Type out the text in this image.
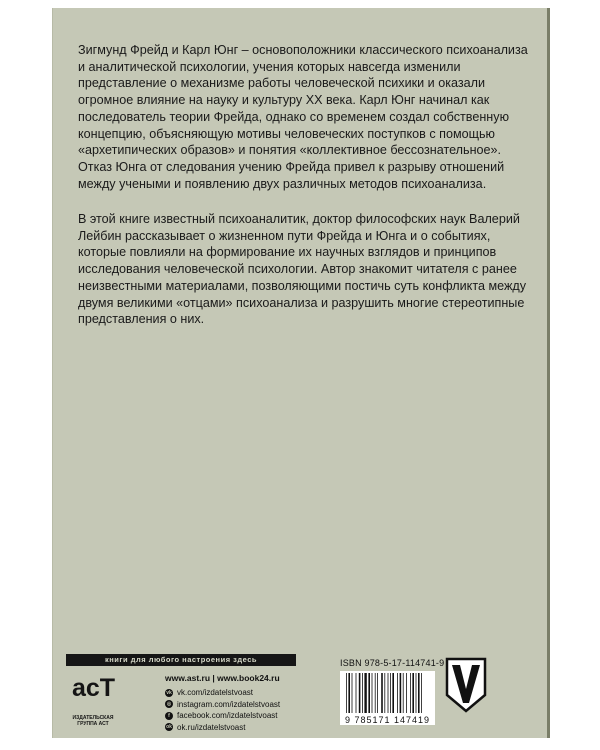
Зигмунд Фрейд и Карл Юнг – основоположники классического психоанализа и аналитической психологии, учения которых навсегда изменили представление о механизме работы человеческой психики и оказали огромное влияние на науку и культуру XX века. Карл Юнг начинал как последователь теории Фрейда, однако со временем создал собственную концепцию, объясняющую мотивы человеческих поступков с помощью «архетипических образов» и понятия «коллективное бессознательное». Отказ Юнга от следования учению Фрейда привел к разрыву отношений между учеными и появлению двух различных методов психоанализа.

В этой книге известный психоаналитик, доктор философских наук Валерий Лейбин рассказывает о жизненном пути Фрейда и Юнга и о событиях, которые повлияли на формирование их научных взглядов и принципов исследования человеческой психологии. Автор знакомит читателя с ранее неизвестными материалами, позволяющими постичь суть конфликта между двумя великими «отцами» психоанализа и разрушить многие стереотипные представления о них.

книги для любого настроения здесь
acT
ИЗДАТЕЛЬСКАЯ ГРУППА АСТ
www.ast.ru | www.book24.ru
vk vk.com/izdatelstvoast
◎ instagram.com/izdatelstvoast
f facebook.com/izdatelstvoast
ok ok.ru/izdatelstvoast
ISBN 978-5-17-114741-9
9 785171 147419
